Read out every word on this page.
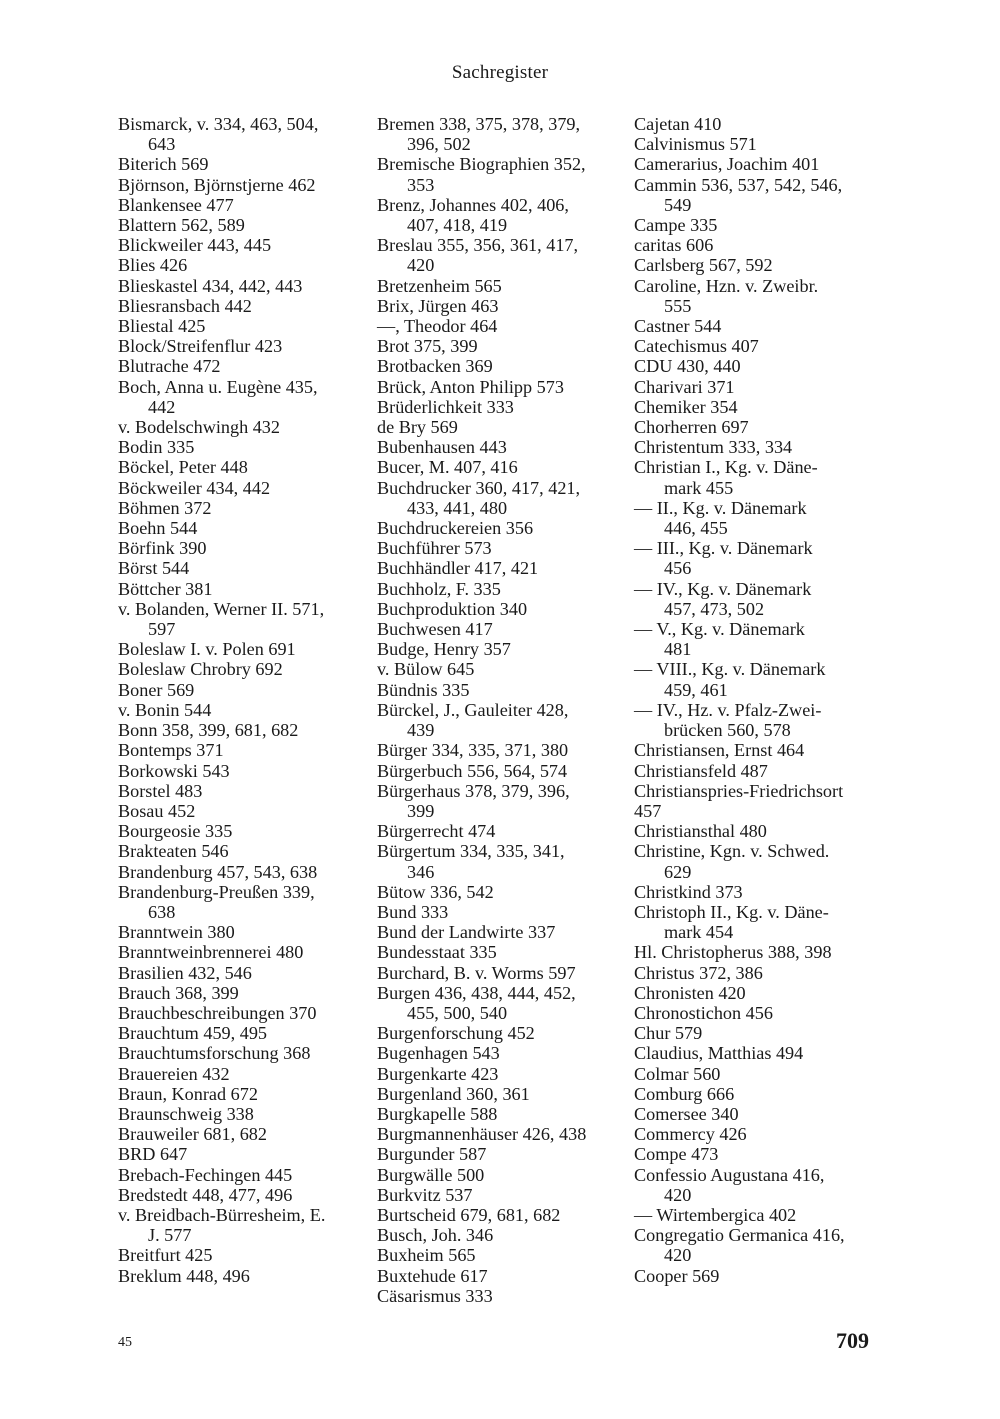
Sachregister

Bismarck, v. 334, 463, 504,

643

Biterich 569

Björnson, Björnstjerne 462

Blankensee 477

Blattern 562, 589

Blickweiler 443, 445

Blies 426

Blieskastel 434, 442, 443

Bliesransbach 442

Bliestal 425

Block/Streifenflur 423

Blutrache 472

Boch, Anna u. Eugène 435,

442

v. Bodelschwingh 432

Bodin 335

Böckel, Peter 448

Böckweiler 434, 442

Böhmen 372

Boehn 544

Börfink 390

Börst 544

Böttcher 381

v. Bolanden, Werner II. 571,

597

Boleslaw I. v. Polen 691

Boleslaw Chrobry 692

Boner 569

v. Bonin 544

Bonn 358, 399, 681, 682

Bontemps 371

Borkowski 543

Borstel 483

Bosau 452

Bourgeosie 335

Brakteaten 546

Brandenburg 457, 543, 638

Brandenburg-Preußen 339,

638

Branntwein 380

Branntweinbrennerei 480

Brasilien 432, 546

Brauch 368, 399

Brauchbeschreibungen 370

Brauchtum 459, 495

Brauchtumsforschung 368

Brauereien 432

Braun, Konrad 672

Braunschweig 338

Brauweiler 681, 682

BRD 647

Brebach-Fechingen 445

Bredstedt 448, 477, 496

v. Breidbach-Bürresheim, E.

J. 577

Breitfurt 425

Breklum 448, 496

Bremen 338, 375, 378, 379,

396, 502

Bremische Biographien 352,

353

Brenz, Johannes 402, 406,

407, 418, 419

Breslau 355, 356, 361, 417,

420

Bretzenheim 565

Brix, Jürgen 463

—, Theodor 464

Brot 375, 399

Brotbacken 369

Brück, Anton Philipp 573

Brüderlichkeit 333

de Bry 569

Bubenhausen 443

Bucer, M. 407, 416

Buchdrucker 360, 417, 421,

433, 441, 480

Buchdruckereien 356

Buchführer 573

Buchhändler 417, 421

Buchholz, F. 335

Buchproduktion 340

Buchwesen 417

Budge, Henry 357

v. Bülow 645

Bündnis 335

Bürckel, J., Gauleiter 428,

439

Bürger 334, 335, 371, 380

Bürgerbuch 556, 564, 574

Bürgerhaus 378, 379, 396,

399

Bürgerrecht 474

Bürgertum 334, 335, 341,

346

Bütow 336, 542

Bund 333

Bund der Landwirte 337

Bundesstaat 335

Burchard, B. v. Worms 597

Burgen 436, 438, 444, 452,

455, 500, 540

Burgenforschung 452

Bugenhagen 543

Burgenkarte 423

Burgenland 360, 361

Burgkapelle 588

Burgmannenhäuser 426, 438

Burgunder 587

Burgwälle 500

Burkvitz 537

Burtscheid 679, 681, 682

Busch, Joh. 346

Buxheim 565

Buxtehude 617

Cäsarismus 333

Cajetan 410

Calvinismus 571

Camerarius, Joachim 401

Cammin 536, 537, 542, 546,

549

Campe 335

caritas 606

Carlsberg 567, 592

Caroline, Hzn. v. Zweibr.

555

Castner 544

Catechismus 407

CDU 430, 440

Charivari 371

Chemiker 354

Chorherren 697

Christentum 333, 334

Christian I., Kg. v. Däne-

mark 455

— II., Kg. v. Dänemark

446, 455

— III., Kg. v. Dänemark

456

— IV., Kg. v. Dänemark

457, 473, 502

— V., Kg. v. Dänemark

481

— VIII., Kg. v. Dänemark

459, 461

— IV., Hz. v. Pfalz-Zwei-

brücken 560, 578

Christiansen, Ernst 464

Christiansfeld 487

Christianspries-Friedrichsort

457

Christiansthal 480

Christine, Kgn. v. Schwed.

629

Christkind 373

Christoph II., Kg. v. Däne-

mark 454

Hl. Christopherus 388, 398

Christus 372, 386

Chronisten 420

Chronostichon 456

Chur 579

Claudius, Matthias 494

Colmar 560

Comburg 666

Comersee 340

Commercy 426

Compe 473

Confessio Augustana 416,

420

— Wirtembergica 402

Congregatio Germanica 416,

420

Cooper 569

45	709
